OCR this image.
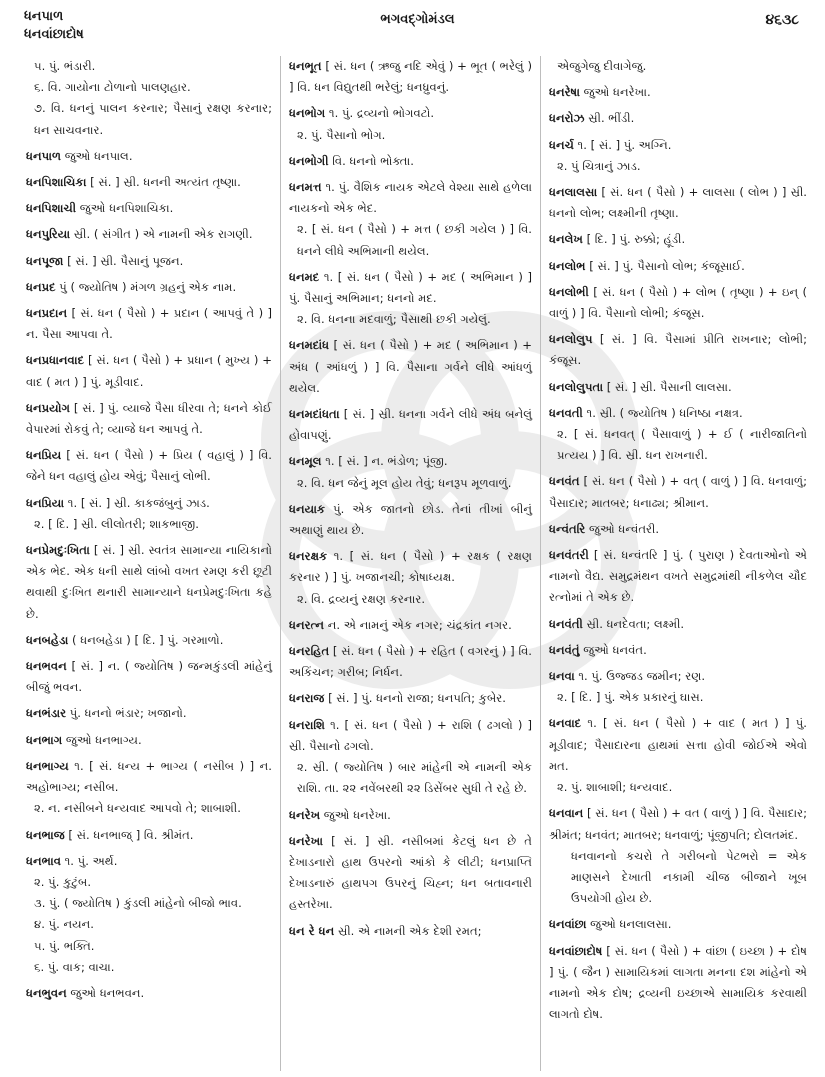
ધનપાળ
ધનવાંછાદોષ
ભગવદ્ગોમંડલ	૪૬૩૮
૫. પું. ભંડારી.
૬. વિ. ગાયોના ટોળાનો પાલણહાર.
૭. વિ. ધનનું પાલન કરનાર; પૈસાનું રક્ષણ કરનાર; ધન સાચવનાર.
ધનપાળ જુઓ ધનપાલ.
ધનપિશાચિકા [ સં. ] સ્રી. ધનની અત્યંત તૃષ્ણા.
ધનપિશાચી જુઓ ધનપિશાચિકા.
ધનપુરિયા સ્રી. ( સંગીત ) એ નામની એક રાગણી.
ધનપૂજા [ સં. ] સ્રી. પૈસાનું પૂજન.
ધનપ્રદ પું ( જ્યોતિષ ) મંગળ ગ્રહનું એક નામ.
ધનપ્રદાન [ સં. ધન ( પૈસો ) + પ્રદાન ( આપવું તે ) ] ન. પૈસા આપવા તે.
ધનપ્રધાનવાદ [ સં. ધન ( પૈસો ) + પ્રધાન ( મુખ્ય ) + વાદ ( મત ) ] પું. મૂડીવાદ.
ધનપ્રયોગ [ સં. ] પું. વ્યાજે પૈસા ધીરવા તે; ધનને કોઈ વેપારમાં રોકવું તે; વ્યાજે ધન આપવું તે.
ધનપ્રિય [ સં. ધન ( પૈસો ) + પ્રિય ( વહાલું ) ] વિ. જેને ધન વહાલું હોય એવું; પૈસાનું લોભી.
ધનપ્રિયા ૧. [ સં. ] સ્રી. કાકજંબુનું ઝાડ.
૨. [ દિ. ] સ્રી. લીલોતરી; શાકભાજી.
ધનપ્રેમદુઃખિતા [ સં. ] સ્રી. સ્વતંત્ર સામાન્યા નાયિકાનો એક ભેદ. એક ધની સાથે લાંબો વખત રમણ કરી છૂટી થવાથી દુઃખિત થનારી સામાન્યાને ધનપ્રેમદુઃખિતા કહે છે.
ધનબહેડા ( ધનબહેડા ) [ દિ. ] પું. ગરમાળો.
ધનભવન [ સં. ] ન. ( જ્યોતિષ ) જન્મકુંડલી માંહેનું બીજું ભવન.
ધનભંડાર પું. ધનનો ભંડાર; ખજાનો.
ધનભાગ જુઓ ધનભાગ્ય.
ધનભાગ્ય ૧. [ સં. ધન્ય + ભાગ્ય ( નસીબ ) ] ન. અહોભાગ્ય; નસીબ.
૨. ન. નસીબને ધન્યવાદ આપવો તે; શાબાશી.
ધનભાજ [ સં. ધનભાજ્ ] વિ. શ્રીમંત.
ધનભાવ ૧. પું. અર્થ.
૨. પું. કુટુંબ.
૩. પું. ( જ્યોતિષ ) કુંડલી માંહેનો બીજો ભાવ.
૪. પું. નયન.
૫. પું. ભક્તિ.
૬. પું. વાક; વાચા.
ધનભુવન જુઓ ધનભવન.
ધનભૂત [ સં. ધન ( ઋજુ નદિ એવું ) + ભૂત ( ભરેલું ) ] વિ. ધન વિદ્યુતથી ભરેલું; ધનધ્રુવનું.
ધનભોગ ૧. પું. દ્રવ્યનો ભોગવટો.
૨. પું. પૈસાનો ભોગ.
ધનભોગી વિ. ધનનો ભોક્તા.
ધનમત્ત ૧. પું. વૈશિક નાયક એટલે વેશ્યા સાથે હળેલા નાયકનો એક ભેદ.
૨. [ સં. ધન ( પૈસો ) + મત્ત ( છકી ગયેલ ) ] વિ. ધનને લીધે અભિમાની થયેલ.
ધનમદ ૧. [ સં. ધન ( પૈસો ) + મદ ( અભિમાન ) ] પું. પૈસાનું અભિમાન; ધનનો મદ.
૨. વિ. ધનના મદવાળું; પૈસાથી છકી ગયેલું.
ધનમદાંધ [ સં. ધન ( પૈસો ) + મદ ( અભિમાન ) + અંધ ( આંધળું ) ] વિ. પૈસાના ગર્વને લીધે આંધળું થયેલ.
ધનમદાંધતા [ સં. ] સ્રી. ધનના ગર્વને લીધે અંધ બનેલું હોવાપણું.
ધનમૂલ ૧. [ સં. ] ન. ભંડોળ; પૂંજી.
૨. વિ. ધન જેનું મૂલ હોય તેવું; ધનરૂપ મૂળવાળું.
ધનયાક પું. એક જાતનો છોડ. તેનાં તીખાં બીનું અથાણું થાય છે.
ધનરક્ષક ૧. [ સં. ધન ( પૈસો ) + રક્ષક ( રક્ષણ કરનાર ) ] પું. ખજાનચી; કોષાધ્યક્ષ.
૨. વિ. દ્રવ્યનું રક્ષણ કરનાર.
ધનરત્ન ન. એ નામનું એક નગર; ચંદ્રકાંત નગર.
ધનરહિત [ સં. ધન ( પૈસો ) + રહિત ( વગરનું ) ] વિ. અકિંચન; ગરીબ; નિર્ધન.
ધનરાજ [ સં. ] પું. ધનનો રાજા; ધનપતિ; કુબેર.
ધનરાશિ ૧. [ સં. ધન ( પૈસો ) + રાશિ ( ઢગલો ) ] સ્રી. પૈસાનો ઢગલો.
૨. સ્રી. ( જ્યોતિષ ) બાર માંહેની એ નામની એક રાશિ. તા. ૨૨ નવેંબરથી ૨૨ ડિસેંબર સુધી તે રહે છે.
ધનરેખ જુઓ ધનરેખા.
ધનરેખા [ સં. ] સ્રી. નસીબમાં કેટલું ધન છે તે દેખાડનારો હાથ ઉપરનો આંકો કે લીટી; ધનપ્રાપ્તિ દેખાડનારું હાથપગ ઉપરનું ચિહ્ન; ધન બતાવનારી હસ્તરેખા.
ધન રે ધન સ્રી. એ નામની એક દેશી રમત;
એજુગેજુ દીવાગેજુ.
ધનરેષા જુઓ ધનરેખા.
ધનરોઝ સ્રી. ભીંડી.
ધનર્ચ ૧. [ સં. ] પું. અગ્નિ.
૨. પું ચિત્રાનું ઝાડ.
ધનલાલસા [ સં. ધન ( પૈસો ) + લાલસા ( લોભ ) ] સ્રી. ધનનો લોભ; લક્ષ્મીની તૃષ્ણા.
ધનલેખ [ દિ. ] પું. રુક્કો; હૂંડી.
ધનલોભ [ સં. ] પું. પૈસાનો લોભ; કંજૂસાઈ.
ધનલોભી [ સં. ધન ( પૈસો ) + લોભ ( તૃષ્ણા ) + ઇન્ ( વાળું ) ] વિ. પૈસાનો લોભી; કંજૂસ.
ધનલોલુપ [ સં. ] વિ. પૈસામાં પ્રીતિ રાખનાર; લોભી; કંજૂસ.
ધનલોલુપતા [ સં. ] સ્રી. પૈસાની લાલસા.
ધનવતી ૧. સ્રી. ( જ્યોતિષ ) ધનિષ્ઠા નક્ષત્ર.
૨. [ સં. ધનવત્ ( પૈસાવાળું ) + ઈ ( નારીજાતિનો પ્રત્યય ) ] વિ. સ્રી. ધન રાખનારી.
ધનવંત [ સં. ધન ( પૈસો ) + વત્ ( વાળું ) ] વિ. ધનવાળું; પૈસાદાર; માતબર; ધનાઢ્ય; શ્રીમાન.
ધન્વંતરિ જુઓ ધન્વંતરી.
ધનવંતરી [ સં. ધન્વંતરિ ] પું. ( પુરાણ ) દેવતાઓનો એ નામનો વૈદ્ય. સમુદ્રમંથન વખતે સમુદ્રમાંથી નીકળેલ ચૌદ રત્નોમાં તે એક છે.
ધનવંતી સ્રી. ધનદેવતા; લક્ષ્મી.
ધનવંતું જુઓ ધનવંત.
ધનવા ૧. પું. ઉજ્જડ જમીન; રણ.
૨. [ દિ. ] પું. એક પ્રકારનું ઘાસ.
ધનવાદ ૧. [ સં. ધન ( પૈસો ) + વાદ ( મત ) ] પું. મૂડીવાદ; પૈસાદારના હાથમાં સત્તા હોવી જોઈએ એવો મત.
૨. પું. શાબાશી; ધન્યવાદ.
ધનવાન [ સં. ધન ( પૈસો ) + વત ( વાળું ) ] વિ. પૈસાદાર; શ્રીમંત; ધનવંત; માતબર; ધનવાળું; પૂંજીપતિ; દોલતમંદ.
ધનવાનનો કચરો તે ગરીબનો પેટભરો = એક માણસને દેખાતી નકામી ચીજ બીજાને ખૂબ ઉપયોગી હોય છે.
ધનવાંછા જુઓ ધનલાલસા.
ધનવાંછાદોષ [ સં. ધન ( પૈસો ) + વાંછા ( ઇચ્છા ) + દોષ ] પું. ( જૈન ) સામાયિકમાં લાગતા મનના દશ માંહેનો એ નામનો એક દોષ; દ્રવ્યની ઇચ્છાએ સામાયિક કરવાથી લાગતો દોષ.
